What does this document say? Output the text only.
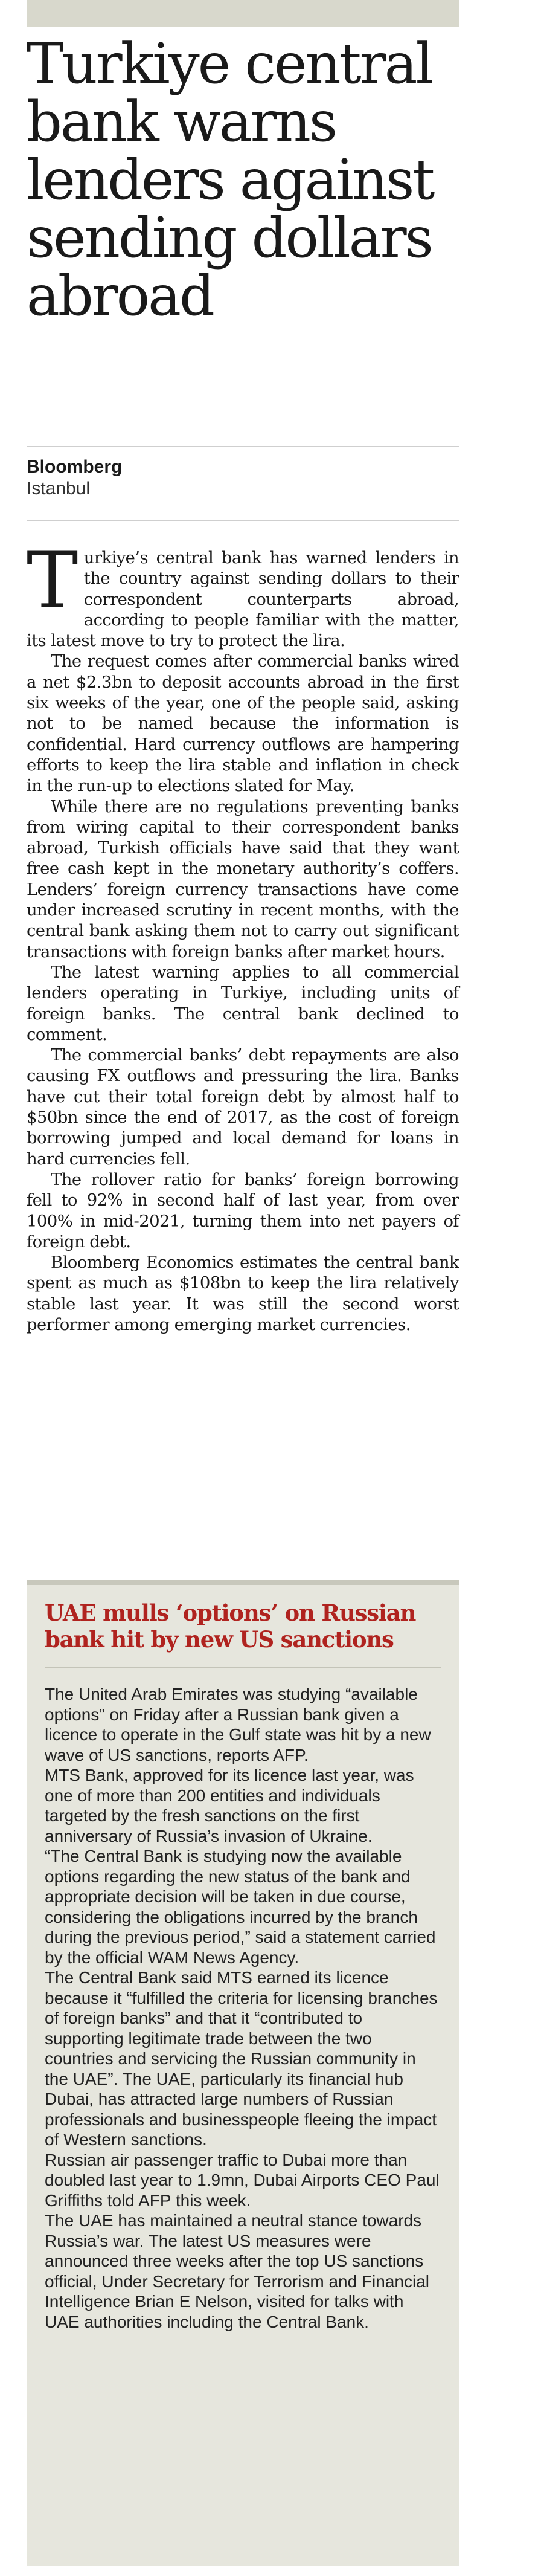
Turkiye central bank warns lenders against sending dollars abroad
Bloomberg
Istanbul

Turkiye’s central bank has warned lenders in the country against sending dollars to their correspondent counterparts abroad, according to people familiar with the matter, its latest move to try to protect the lira.

The request comes after commercial banks wired a net $2.3bn to deposit accounts abroad in the first six weeks of the year, one of the people said, asking not to be named because the information is confidential. Hard currency outflows are hampering efforts to keep the lira stable and inflation in check in the run-up to elections slated for May.

While there are no regulations preventing banks from wiring capital to their correspondent banks abroad, Turkish officials have said that they want free cash kept in the monetary authority’s coffers. Lenders’ foreign currency transactions have come under increased scrutiny in recent months, with the central bank asking them not to carry out significant transactions with foreign banks after market hours.

The latest warning applies to all commercial lenders operating in Turkiye, including units of foreign banks. The central bank declined to comment.

The commercial banks’ debt repayments are also causing FX outflows and pressuring the lira. Banks have cut their total foreign debt by almost half to $50bn since the end of 2017, as the cost of foreign borrowing jumped and local demand for loans in hard currencies fell.

The rollover ratio for banks’ foreign borrowing fell to 92% in second half of last year, from over 100% in mid-2021, turning them into net payers of foreign debt.

Bloomberg Economics estimates the central bank spent as much as $108bn to keep the lira relatively stable last year. It was still the second worst performer among emerging market currencies.

UAE mulls ‘options’ on Russian bank hit by new US sanctions

The United Arab Emirates was studying “available options” on Friday after a Russian bank given a licence to operate in the Gulf state was hit by a new wave of US sanctions, reports AFP.

MTS Bank, approved for its licence last year, was one of more than 200 entities and individuals targeted by the fresh sanctions on the first anniversary of Russia’s invasion of Ukraine.

“The Central Bank is studying now the available options regarding the new status of the bank and appropriate decision will be taken in due course, considering the obligations incurred by the branch during the previous period,” said a statement carried by the official WAM News Agency.

The Central Bank said MTS earned its licence because it “fulfilled the criteria for licensing branches of foreign banks” and that it “contributed to supporting legitimate trade between the two countries and servicing the Russian community in the UAE”. The UAE, particularly its financial hub Dubai, has attracted large numbers of Russian professionals and businesspeople fleeing the impact of Western sanctions.

Russian air passenger traffic to Dubai more than doubled last year to 1.9mn, Dubai Airports CEO Paul Griffiths told AFP this week.

The UAE has maintained a neutral stance towards Russia’s war. The latest US measures were announced three weeks after the top US sanctions official, Under Secretary for Terrorism and Financial Intelligence Brian E Nelson, visited for talks with UAE authorities including the Central Bank.
